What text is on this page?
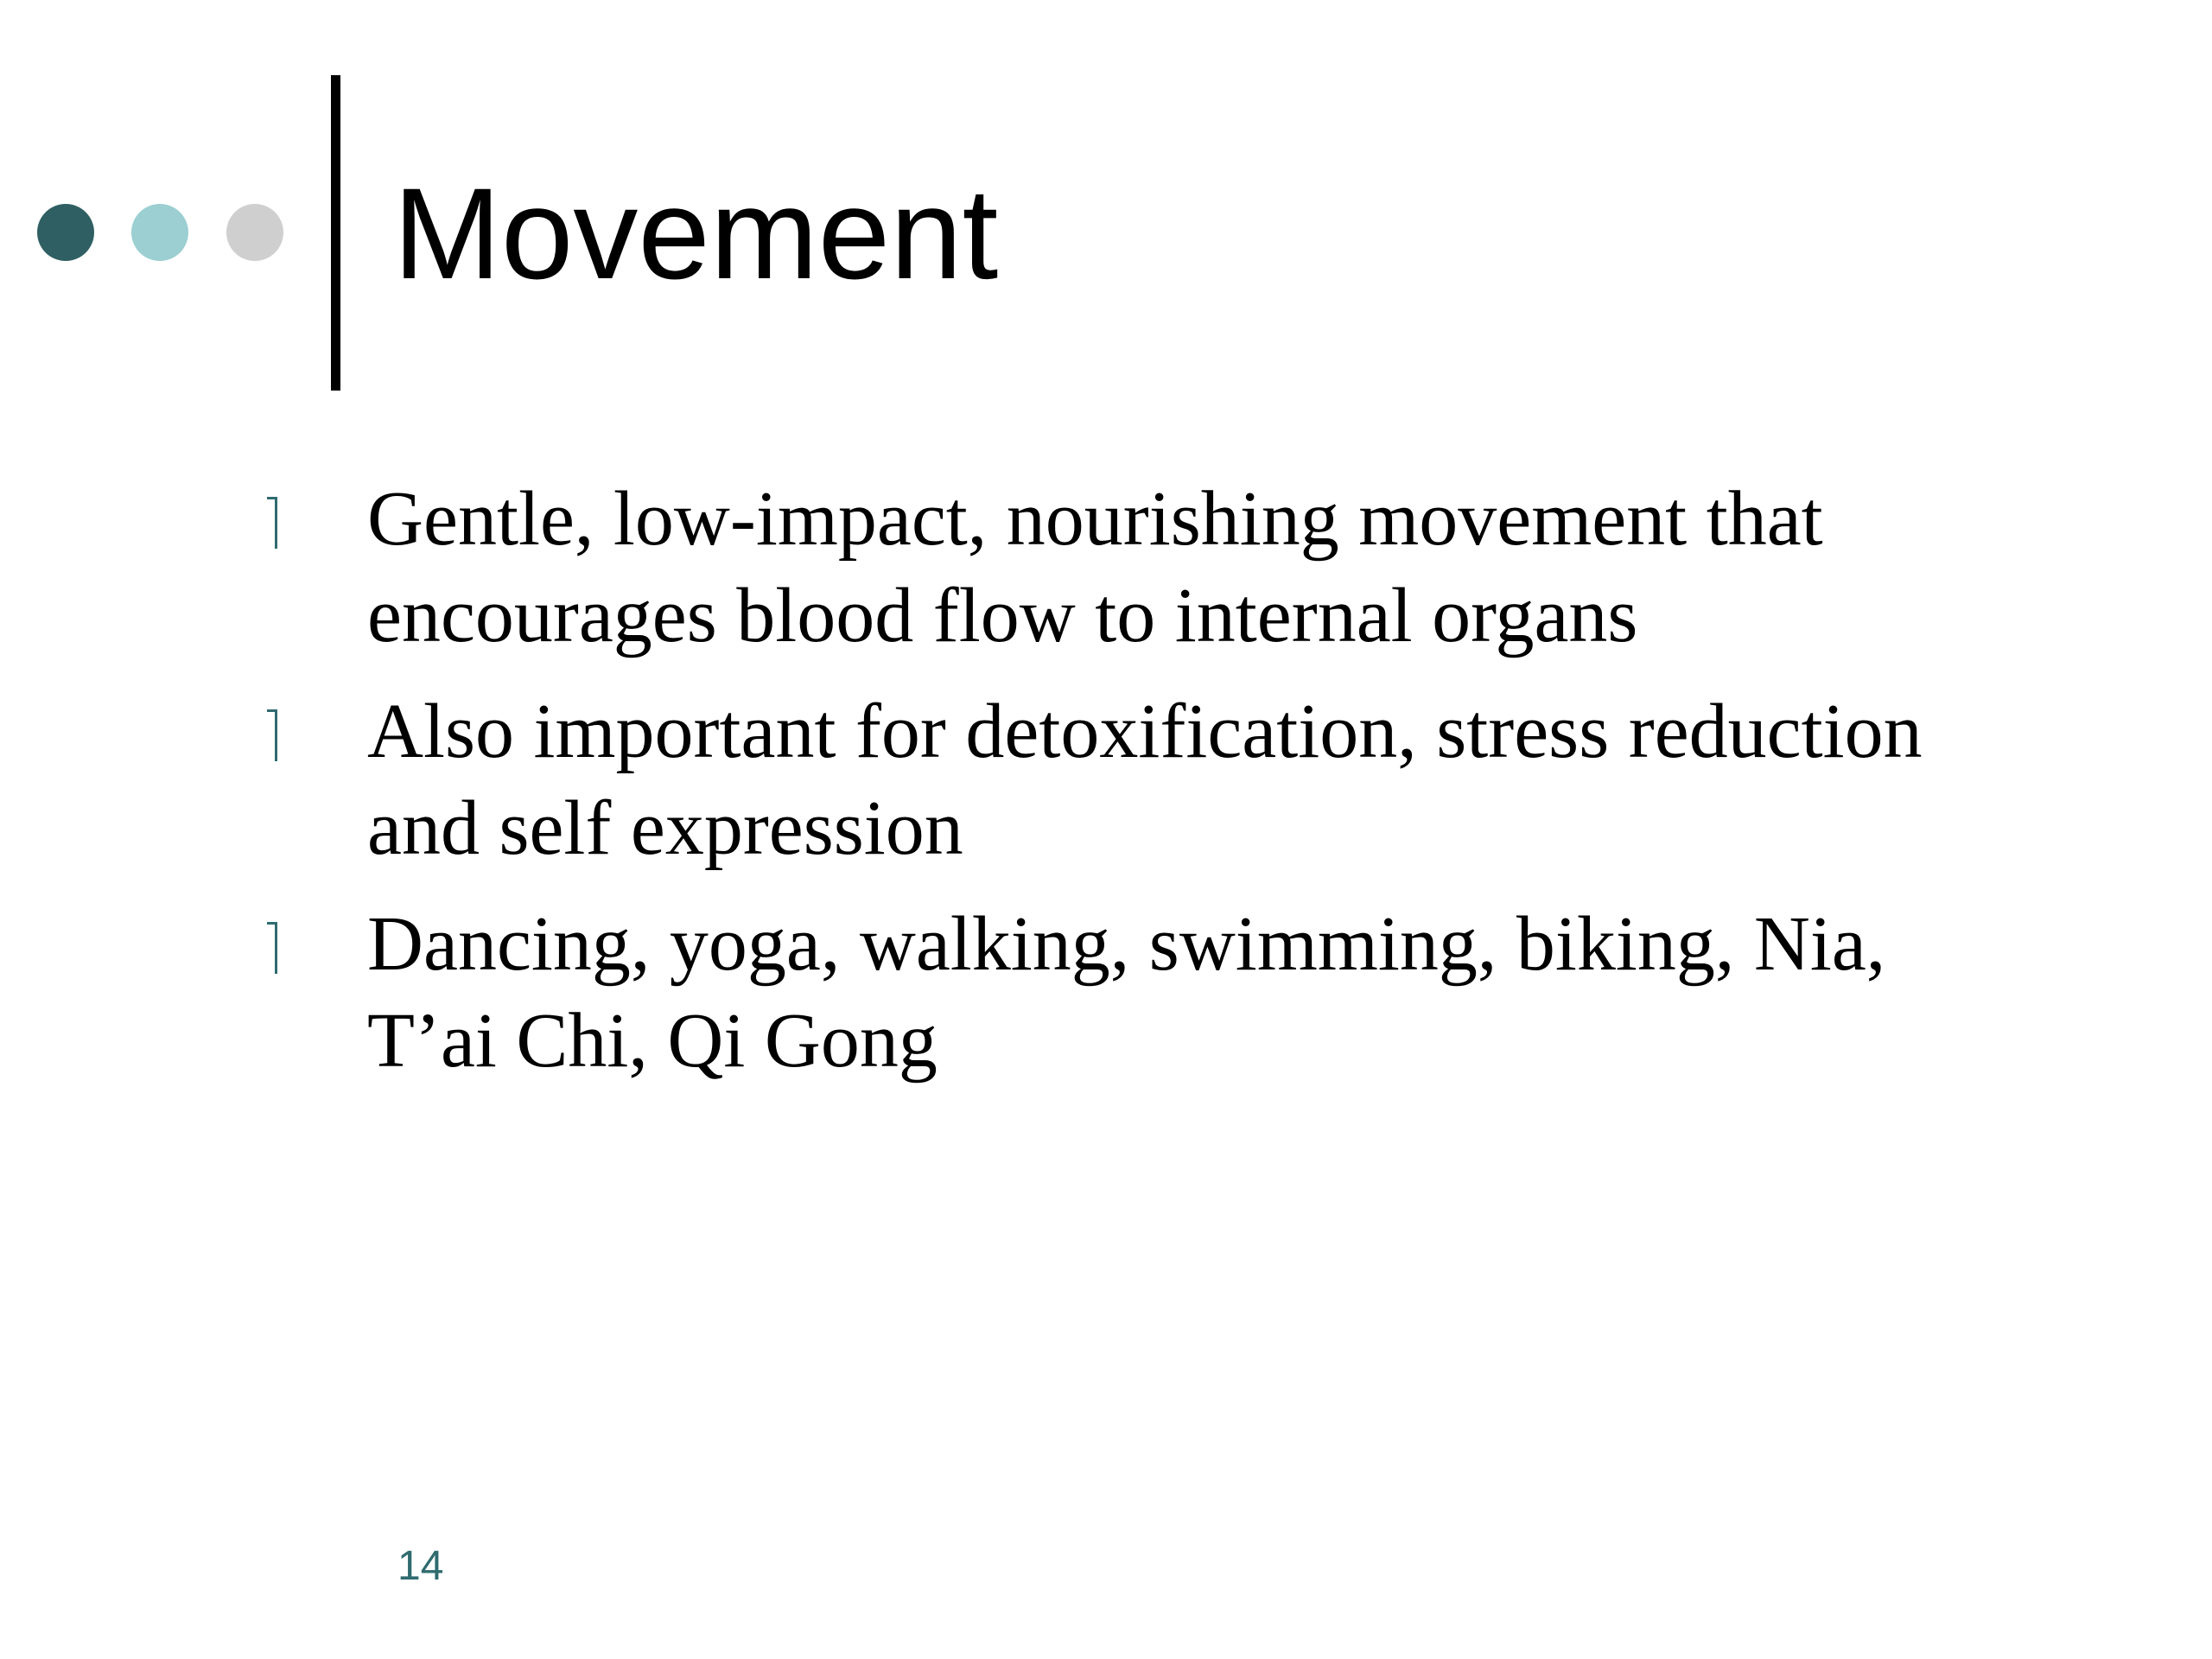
Movement
Gentle, low-impact, nourishing movement that encourages blood flow to internal organs
Also important for detoxification, stress reduction and self expression
Dancing, yoga, walking, swimming, biking, Nia, T’ai Chi, Qi Gong
14
